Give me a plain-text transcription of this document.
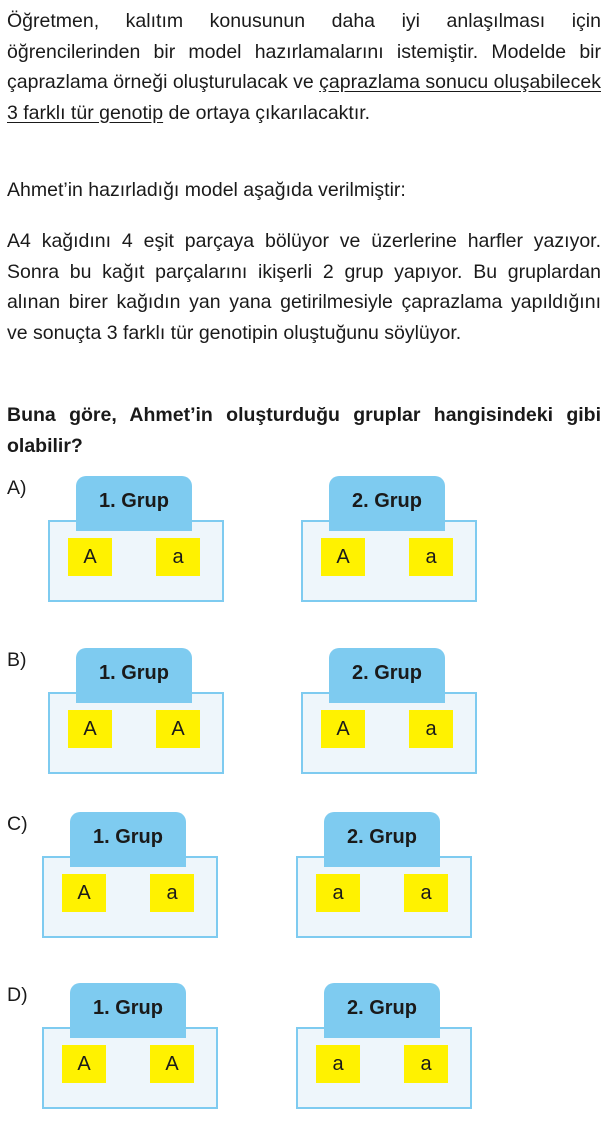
Öğretmen, kalıtım konusunun daha iyi anlaşılması için öğrencilerinden bir model hazırlamalarını istemiştir. Modelde bir çaprazlama örneği oluşturulacak ve çaprazlama sonucu oluşabilecek 3 farklı tür genotip de ortaya çıkarılacaktır.
Ahmet’in hazırladığı model aşağıda verilmiştir:
A4 kağıdını 4 eşit parçaya bölüyor ve üzerlerine harfler yazıyor. Sonra bu kağıt parçalarını ikişerli 2 grup yapıyor. Bu gruplardan alınan birer kağıdın yan yana getirilmesiyle çaprazlama yapıldığını ve sonuçta 3 farklı tür genotipin oluştuğunu söylüyor.
Buna göre, Ahmet’in oluşturduğu gruplar hangisindeki gibi olabilir?
A)
1. Grup
A	a
2. Grup
A	a
B)
1. Grup
A	A
2. Grup
A	a
C)
1. Grup
A	a
2. Grup
a	a
D)
1. Grup
A	A
2. Grup
a	a
